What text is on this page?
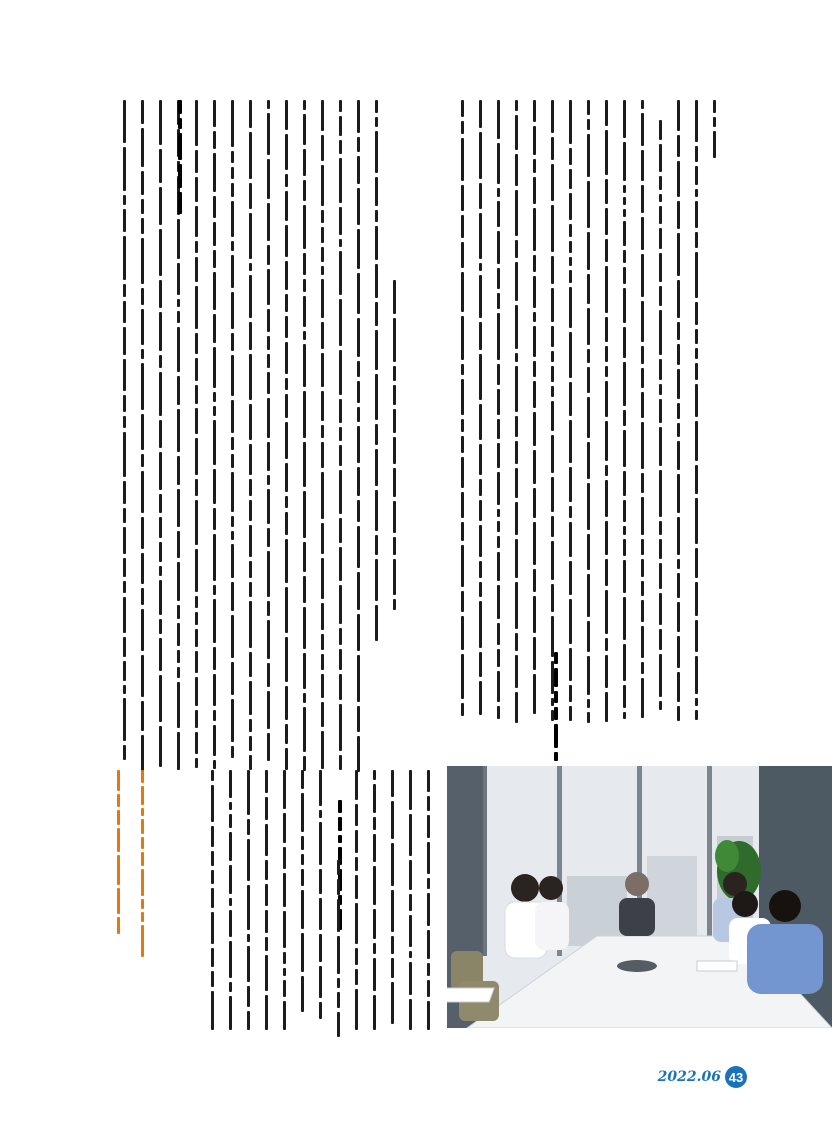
2022.06 43
